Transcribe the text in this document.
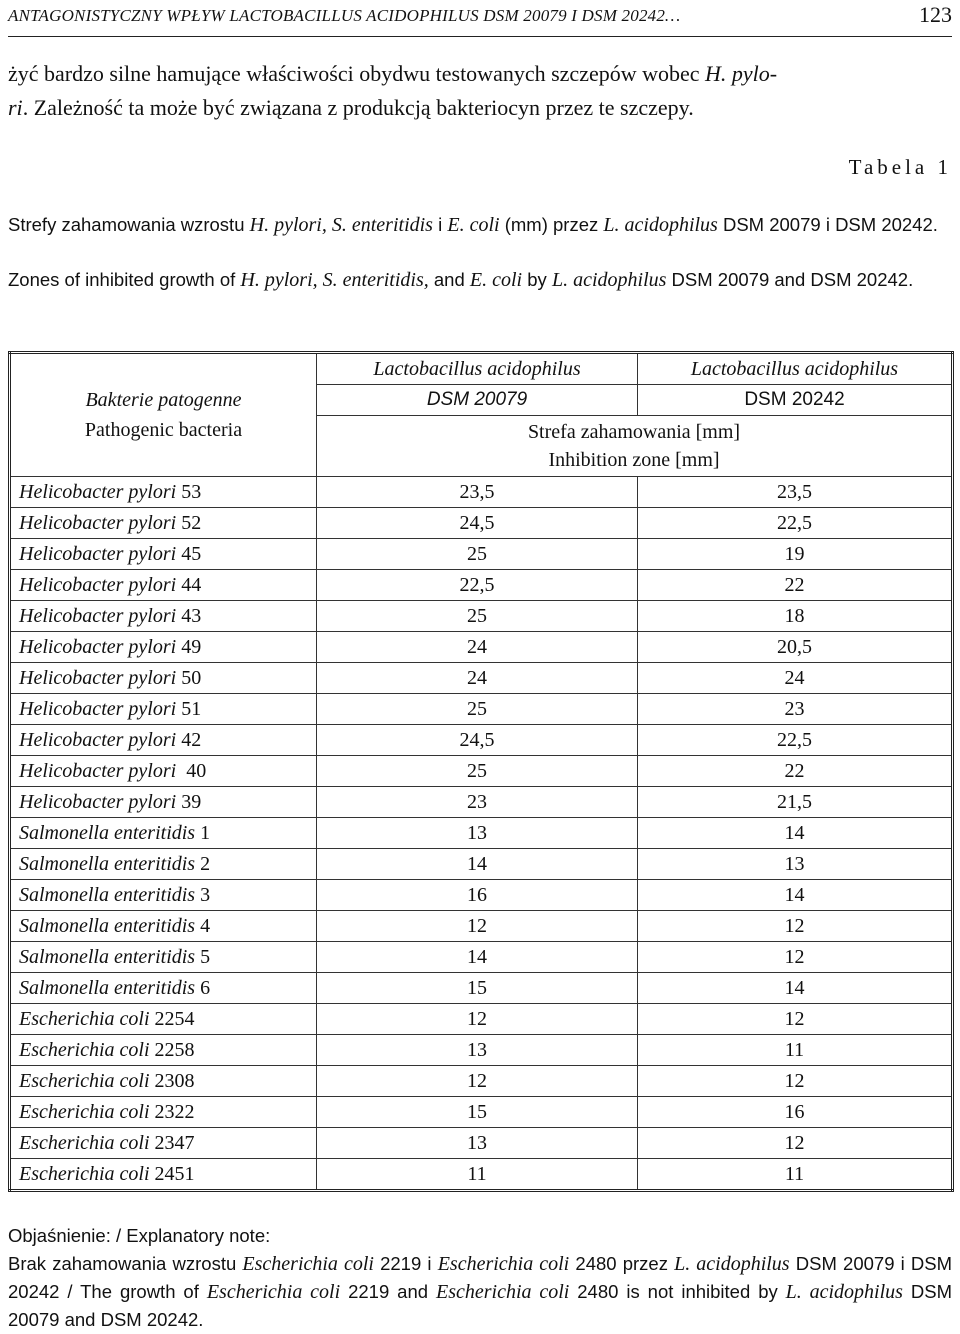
ANTAGONISTYCZNY WPŁYW LACTOBACILLUS ACIDOPHILUS DSM 20079 I DSM 20242…	123
żyć bardzo silne hamujące właściwości obydwu testowanych szczepów wobec H. pylo-
ri. Zależność ta może być związana z produkcją bakteriocyn przez te szczepy.
Tabela 1
Strefy zahamowania wzrostu H. pylori, S. enteritidis i E. coli (mm) przez L. acidophilus DSM 20079 i DSM 20242.
Zones of inhibited growth of H. pylori, S. enteritidis, and E. coli by L. acidophilus DSM 20079 and DSM 20242.
Bakterie patogenne
Pathogenic bacteria	Lactobacillus acidophilus	Lactobacillus acidophilus
	DSM 20079	DSM 20242
	Strefa zahamowania [mm]
Inhibition zone [mm]	
Helicobacter pylori 53	23,5	23,5
Helicobacter pylori 52	24,5	22,5
Helicobacter pylori 45	25	19
Helicobacter pylori 44	22,5	22
Helicobacter pylori 43	25	18
Helicobacter pylori 49	24	20,5
Helicobacter pylori 50	24	24
Helicobacter pylori 51	25	23
Helicobacter pylori 42	24,5	22,5
Helicobacter pylori  40	25	22
Helicobacter pylori 39	23	21,5
Salmonella enteritidis 1	13	14
Salmonella enteritidis 2	14	13
Salmonella enteritidis 3	16	14
Salmonella enteritidis 4	12	12
Salmonella enteritidis 5	14	12
Salmonella enteritidis 6	15	14
Escherichia coli 2254	12	12
Escherichia coli 2258	13	11
Escherichia coli 2308	12	12
Escherichia coli 2322	15	16
Escherichia coli 2347	13	12
Escherichia coli 2451	11	11
Objaśnienie: / Explanatory note:
Brak zahamowania wzrostu Escherichia coli 2219 i Escherichia coli 2480 przez L. acidophilus DSM 20079 i DSM 20242 / The growth of Escherichia coli 2219 and Escherichia coli 2480 is not inhibited by L. acidophilus DSM 20079 and DSM 20242.
